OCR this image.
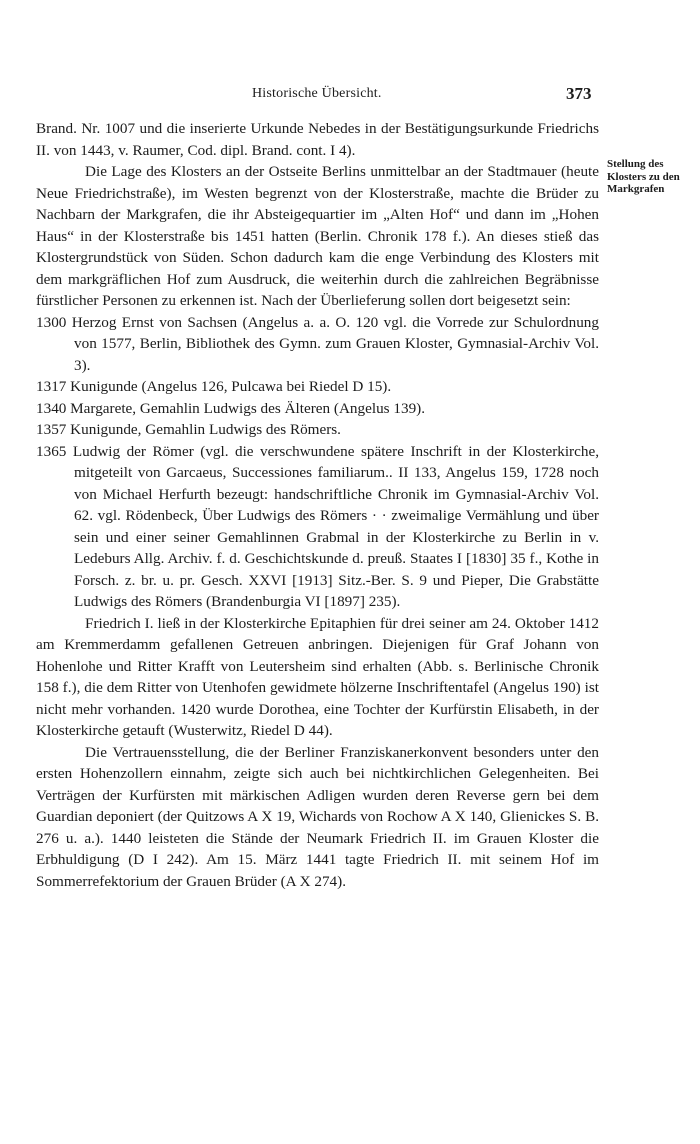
Historische Übersicht.	373
Stellung des Klosters zu den Markgrafen

Brand. Nr. 1007 und die inserierte Urkunde Nebedes in der Bestätigungsurkunde Friedrichs II. von 1443, v. Raumer, Cod. dipl. Brand. cont. I 4).

Die Lage des Klosters an der Ostseite Berlins unmittelbar an der Stadtmauer (heute Neue Friedrichstraße), im Westen begrenzt von der Klosterstraße, machte die Brüder zu Nachbarn der Markgrafen, die ihr Absteigequartier im „Alten Hof“ und dann im „Hohen Haus“ in der Klosterstraße bis 1451 hatten (Berlin. Chronik 178 f.). An dieses stieß das Klostergrundstück von Süden. Schon dadurch kam die enge Verbindung des Klosters mit dem markgräflichen Hof zum Ausdruck, die weiterhin durch die zahlreichen Begräbnisse fürstlicher Personen zu erkennen ist. Nach der Überlieferung sollen dort beigesetzt sein:

1300 Herzog Ernst von Sachsen (Angelus a. a. O. 120 vgl. die Vorrede zur Schulordnung von 1577, Berlin, Bibliothek des Gymn. zum Grauen Kloster, Gymnasial-Archiv Vol. 3).

1317 Kunigunde (Angelus 126, Pulcawa bei Riedel D 15).

1340 Margarete, Gemahlin Ludwigs des Älteren (Angelus 139).

1357 Kunigunde, Gemahlin Ludwigs des Römers.

1365 Ludwig der Römer (vgl. die verschwundene spätere Inschrift in der Klosterkirche, mitgeteilt von Garcaeus, Successiones familiarum.. II 133, Angelus 159, 1728 noch von Michael Herfurth bezeugt: handschriftliche Chronik im Gymnasial-Archiv Vol. 62. vgl. Rödenbeck, Über Ludwigs des Römers · · zweimalige Vermählung und über sein und einer seiner Gemahlinnen Grabmal in der Klosterkirche zu Berlin in v. Ledeburs Allg. Archiv. f. d. Geschichtskunde d. preuß. Staates I [1830] 35 f., Kothe in Forsch. z. br. u. pr. Gesch. XXVI [1913] Sitz.-Ber. S. 9 und Pieper, Die Grabstätte Ludwigs des Römers (Brandenburgia VI [1897] 235).

Friedrich I. ließ in der Klosterkirche Epitaphien für drei seiner am 24. Oktober 1412 am Kremmerdamm gefallenen Getreuen anbringen. Diejenigen für Graf Johann von Hohenlohe und Ritter Krafft von Leutersheim sind erhalten (Abb. s. Berlinische Chronik 158 f.), die dem Ritter von Utenhofen gewidmete hölzerne Inschriftentafel (Angelus 190) ist nicht mehr vorhanden. 1420 wurde Dorothea, eine Tochter der Kurfürstin Elisabeth, in der Klosterkirche getauft (Wusterwitz, Riedel D 44).

Die Vertrauensstellung, die der Berliner Franziskanerkonvent besonders unter den ersten Hohenzollern einnahm, zeigte sich auch bei nichtkirchlichen Gelegenheiten. Bei Verträgen der Kurfürsten mit märkischen Adligen wurden deren Reverse gern bei dem Guardian deponiert (der Quitzows A X 19, Wichards von Rochow A X 140, Glienickes S. B. 276 u. a.). 1440 leisteten die Stände der Neumark Friedrich II. im Grauen Kloster die Erbhuldigung (D I 242). Am 15. März 1441 tagte Friedrich II. mit seinem Hof im Sommerrefektorium der Grauen Brüder (A X 274).
